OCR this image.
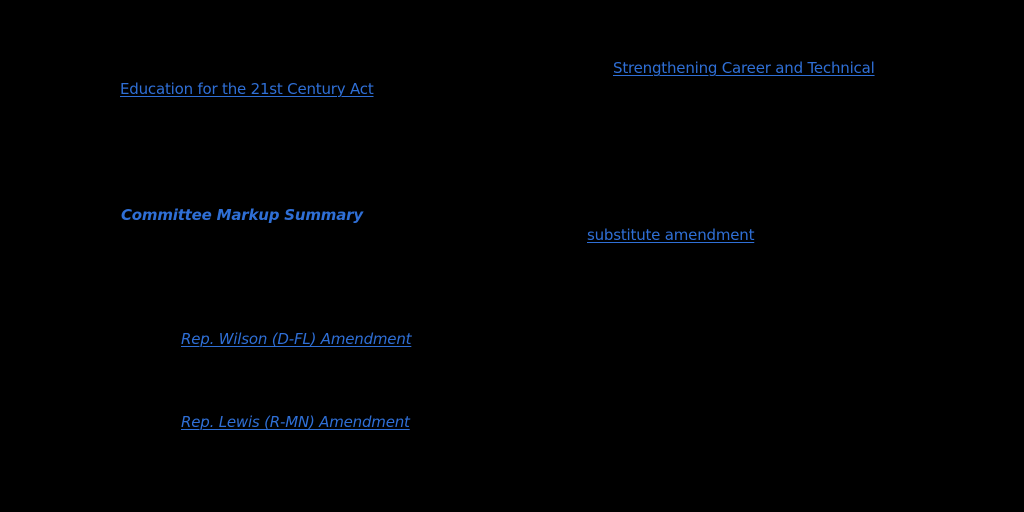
Strengthening Career and Technical
Education for the 21st Century Act
Committee Markup Summary
substitute amendment
Rep. Wilson (D-FL) Amendment
Rep. Lewis (R-MN) Amendment
